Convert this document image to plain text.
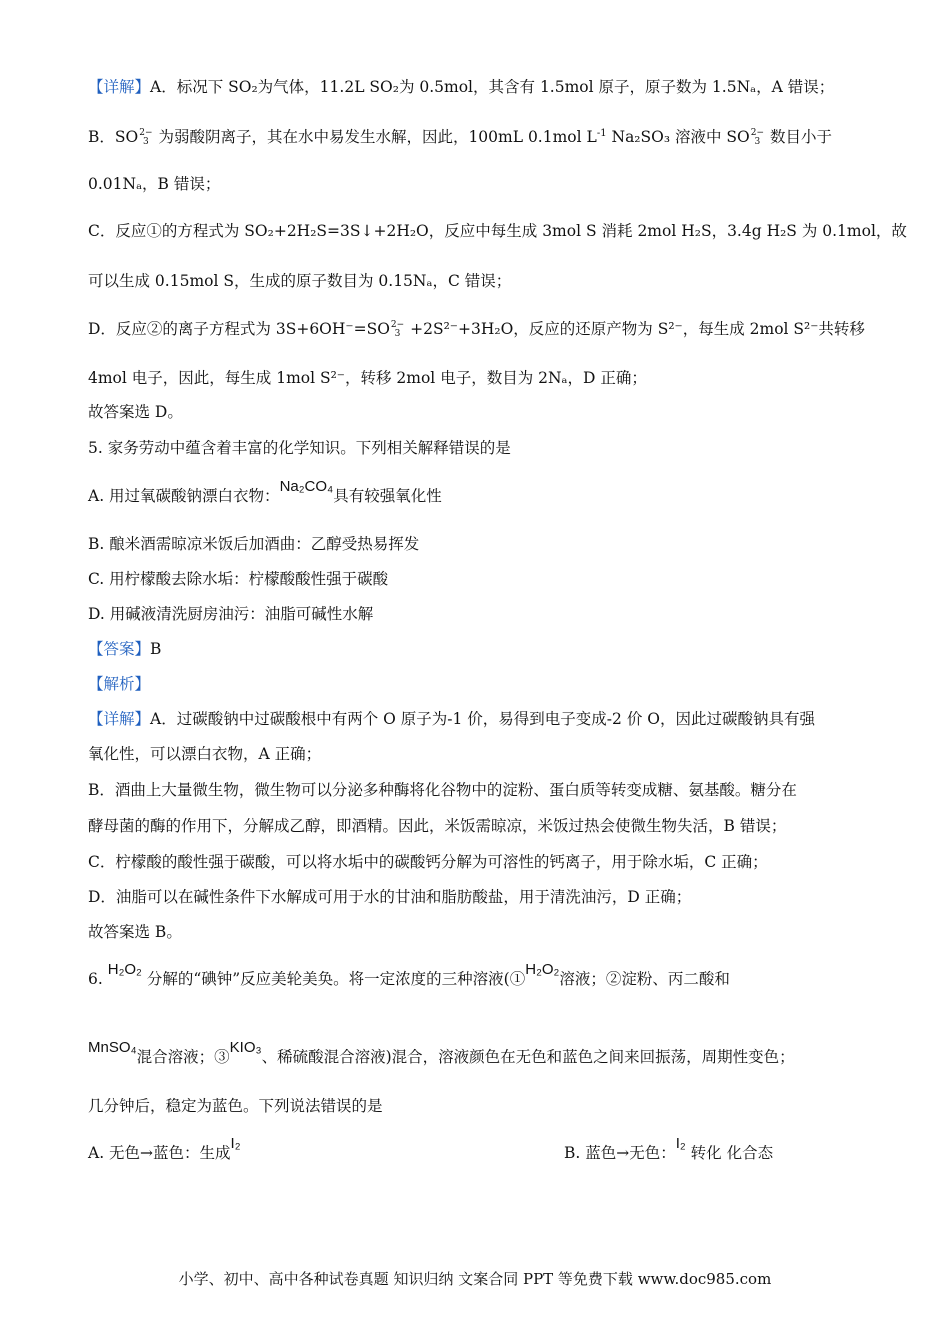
【详解】A．标况下 SO₂为气体，11.2L SO₂为 0.5mol，其含有 1.5mol 原子，原子数为 1.5Nₐ，A 错误；
B．SO 2−
3 为弱酸阴离子，其在水中易发生水解，因此，100mL 0.1mol $L^{-1}$ Na₂SO₃ 溶液中 SO 2−
3 数目小于
0.01Nₐ，B 错误；
C．反应①的方程式为 SO₂+2H₂S=3S↓+2H₂O，反应中每生成 3mol S 消耗 2mol H₂S，3.4g H₂S 为 0.1mol，故
可以生成 0.15mol S，生成的原子数目为 0.15Nₐ，C 错误；
D．反应②的离子方程式为 3S+6OH⁻=SO 2−
3 +2S²⁻+3H₂O，反应的还原产物为 S²⁻，每生成 2mol S²⁻共转移
4mol 电子，因此，每生成 1mol S²⁻，转移 2mol 电子，数目为 2Nₐ，D 正确；
故答案选 D。
5. 家务劳动中蕴含着丰富的化学知识。下列相关解释错误的是
A. 用过氧碳酸钠漂白衣物：Na₂CO₄具有较强氧化性
B. 酿米酒需晾凉米饭后加酒曲：乙醇受热易挥发
C. 用柠檬酸去除水垢：柠檬酸酸性强于碳酸
D. 用碱液清洗厨房油污：油脂可碱性水解
【答案】B
【解析】
【详解】A．过碳酸钠中过碳酸根中有两个 O 原子为-1 价，易得到电子变成-2 价 O，因此过碳酸钠具有强
氧化性，可以漂白衣物，A 正确；
B．酒曲上大量微生物，微生物可以分泌多种酶将化谷物中的淀粉、蛋白质等转变成糖、氨基酸。糖分在
酵母菌的酶的作用下，分解成乙醇，即酒精。因此，米饭需晾凉，米饭过热会使微生物失活，B 错误；
C．柠檬酸的酸性强于碳酸，可以将水垢中的碳酸钙分解为可溶性的钙离子，用于除水垢，C 正确；
D．油脂可以在碱性条件下水解成可用于水的甘油和脂肪酸盐，用于清洗油污，D 正确；
故答案选 B。
6. H₂O₂ 分解的“碘钟”反应美轮美奂。将一定浓度的三种溶液(①H₂O₂溶液；②淀粉、丙二酸和
MnSO₄混合溶液；③KIO₃、稀硫酸混合溶液)混合，溶液颜色在无色和蓝色之间来回振荡，周期性变色；
几分钟后，稳定为蓝色。下列说法错误的是
A. 无色→蓝色：生成I₂
B. 蓝色→无色：I₂ 转化 化合态
小学、初中、高中各种试卷真题 知识归纳 文案合同 PPT 等免费下载 www.doc985.com
